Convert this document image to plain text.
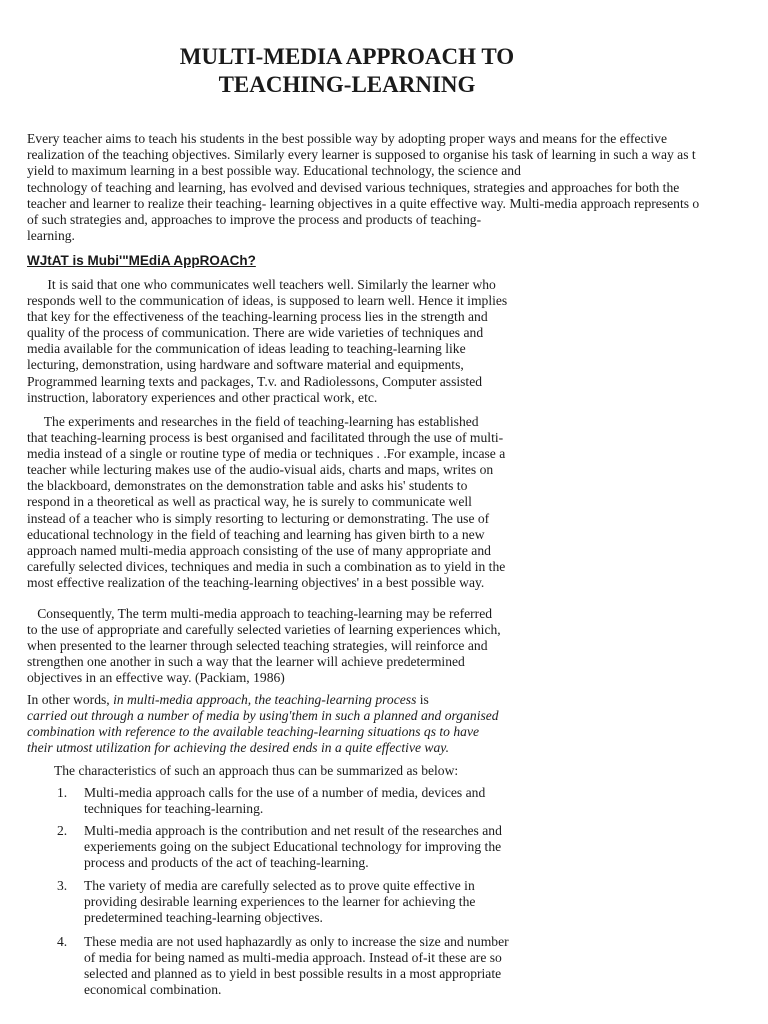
MULTI-MEDIA APPROACH TO
TEACHING-LEARNING

Every teacher aims to teach his students in the best possible way by adopting proper ways and means for the effective
realization of the teaching objectives. Similarly every learner is supposed to organise his task of learning in such a way as t
yield to maximum learning in a best possible way. Educational technology, the science and
technology of teaching and learning, has evolved and devised various techniques, strategies and approaches for both the
teacher and learner to realize their teaching- learning objectives in a quite effective way. Multi-media approach represents o
of such strategies and, approaches to improve the process and products of teaching-
learning.

WJtAT is Mubi'"MEdiA AppROACh?

It is said that one who communicates well teachers well. Similarly the learner who
responds well to the communication of ideas, is supposed to learn well. Hence it implies
that key for the effectiveness of the teaching-learning process lies in the strength and
quality of the process of communication. There are wide varieties of techniques and
media available for the communication of ideas leading to teaching-learning like
lecturing, demonstration, using hardware and software material and equipments,
Programmed learning texts and packages, T.v. and Radiolessons, Computer assisted
instruction, laboratory experiences and other practical work, etc.

The experiments and researches in the field of teaching-learning has established
that teaching-learning process is best organised and facilitated through the use of multi-
media instead of a single or routine type of media or techniques . .For example, incase a
teacher while lecturing makes use of the audio-visual aids, charts and maps, writes on
the blackboard, demonstrates on the demonstration table and asks his' students to
respond in a theoretical as well as practical way, he is surely to communicate well
instead of a teacher who is simply resorting to lecturing or demonstrating. The use of
educational technology in the field of teaching and learning has given birth to a new
approach named multi-media approach consisting of the use of many appropriate and
carefully selected divices, techniques and media in such a combination as to yield in the
most effective realization of the teaching-learning objectives' in a best possible way.

Consequently, The term multi-media approach to teaching-learning may be referred
to the use of appropriate and carefully selected varieties of learning experiences which,
when presented to the learner through selected teaching strategies, will reinforce and
strengthen one another in such a way that the learner will achieve predetermined
objectives in an effective way. (Packiam, 1986)

In other words, in multi-media approach, the teaching-learning process is
carried out through a number of media by using'them in such a planned and organised
combination with reference to the available teaching-learning situations qs to have
their utmost utilization for achieving the desired ends in a quite effective way.

The characteristics of such an approach thus can be summarized as below:

1. Multi-media approach calls for the use of a number of media, devices and
techniques for teaching-learning.
2. Multi-media approach is the contribution and net result of the researches and
experiements going on the subject Educational technology for improving the
process and products of the act of teaching-learning.
3. The variety of media are carefully selected as to prove quite effective in
providing desirable learning experiences to the learner for achieving the
predetermined teaching-learning objectives.
4. These media are not used haphazardly as only to increase the size and number
of media for being named as multi-media approach. Instead of-it these are so
selected and planned as to yield in best possible results in a most appropriate
economical combination.
